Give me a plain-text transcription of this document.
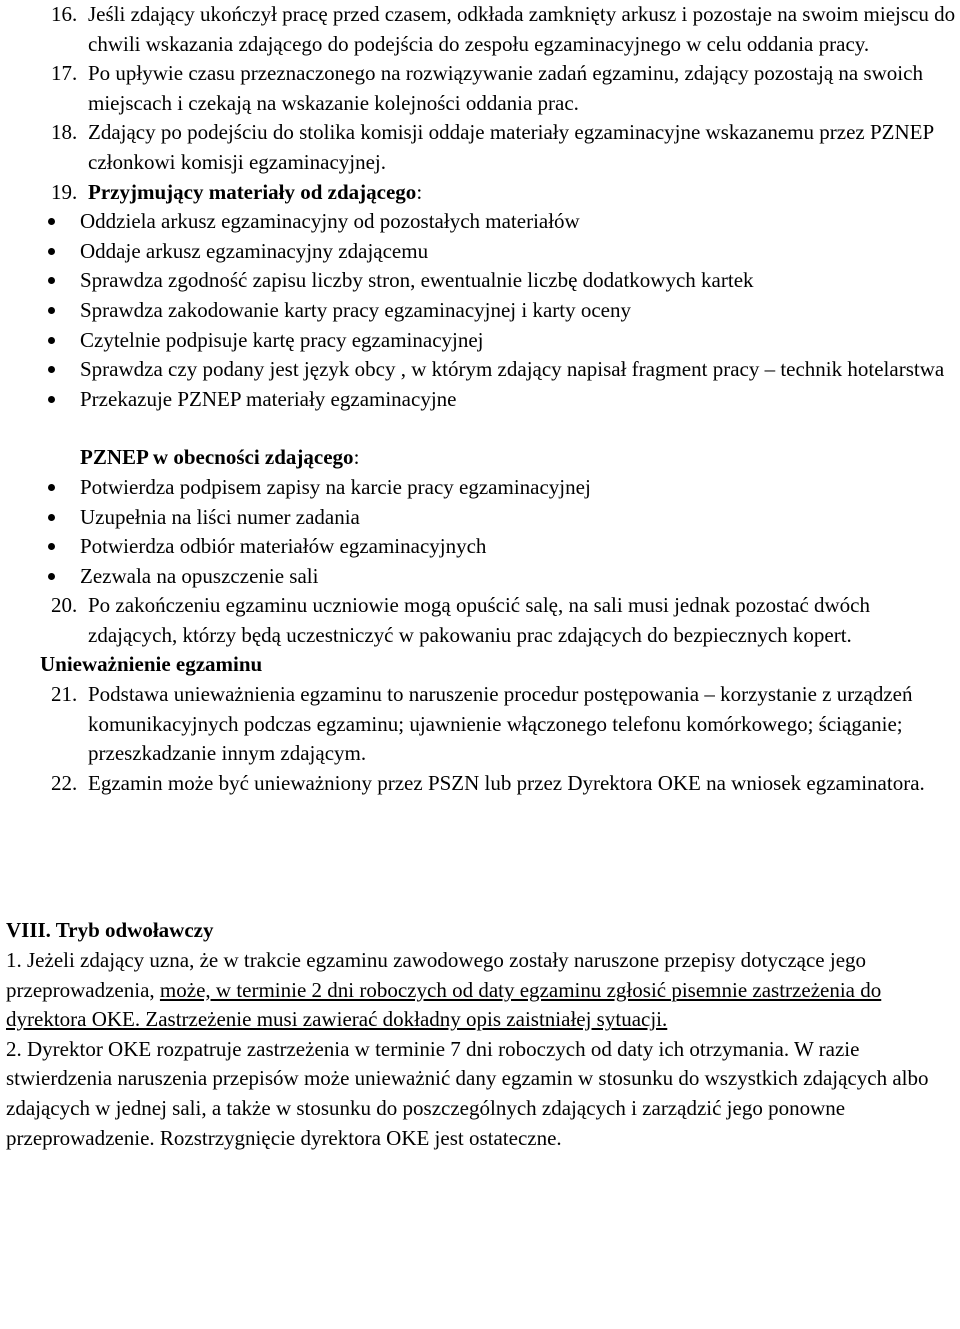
16. Jeśli zdający ukończył pracę przed czasem, odkłada zamknięty arkusz i pozostaje na swoim miejscu do chwili wskazania zdającego do podejścia do zespołu egzaminacyjnego w celu oddania pracy.
17. Po upływie czasu przeznaczonego na rozwiązywanie zadań egzaminu, zdający pozostają na swoich miejscach i czekają na wskazanie kolejności oddania prac.
18. Zdający po podejściu do stolika komisji oddaje materiały egzaminacyjne wskazanemu przez PZNEP członkowi komisji egzaminacyjnej.
19. Przyjmujący materiały od zdającego:
Oddziela arkusz egzaminacyjny od pozostałych materiałów
Oddaje arkusz egzaminacyjny zdającemu
Sprawdza zgodność zapisu liczby stron, ewentualnie liczbę dodatkowych kartek
Sprawdza zakodowanie karty pracy egzaminacyjnej i karty oceny
Czytelnie podpisuje kartę pracy egzaminacyjnej
Sprawdza czy podany jest język obcy , w którym zdający napisał fragment pracy – technik hotelarstwa
Przekazuje PZNEP materiały egzaminacyjne
PZNEP w obecności zdającego:
Potwierdza podpisem zapisy na karcie pracy egzaminacyjnej
Uzupełnia na liści numer zadania
Potwierdza odbiór materiałów egzaminacyjnych
Zezwala na opuszczenie sali
20. Po zakończeniu egzaminu uczniowie mogą opuścić salę, na sali musi jednak pozostać dwóch zdających, którzy będą uczestniczyć w pakowaniu prac zdających do bezpiecznych kopert.
Unieważnienie egzaminu
21. Podstawa unieważnienia egzaminu to naruszenie procedur postępowania – korzystanie z urządzeń komunikacyjnych podczas egzaminu; ujawnienie włączonego telefonu komórkowego; ściąganie; przeszkadzanie innym zdającym.
22. Egzamin może być unieważniony przez PSZN lub przez Dyrektora OKE na wniosek egzaminatora.
VIII. Tryb odwoławczy
1. Jeżeli zdający uzna, że w trakcie egzaminu zawodowego zostały naruszone przepisy dotyczące jego przeprowadzenia, może, w terminie 2 dni roboczych od daty egzaminu zgłosić pisemnie zastrzeżenia do dyrektora OKE. Zastrzeżenie musi zawierać dokładny opis zaistniałej sytuacji.
2. Dyrektor OKE rozpatruje zastrzeżenia w terminie 7 dni roboczych od daty ich otrzymania. W razie stwierdzenia naruszenia przepisów może unieważnić dany egzamin w stosunku do wszystkich zdających albo zdających w jednej sali, a także w stosunku do poszczególnych zdających i zarządzić jego ponowne przeprowadzenie. Rozstrzygnięcie dyrektora OKE jest ostateczne.
